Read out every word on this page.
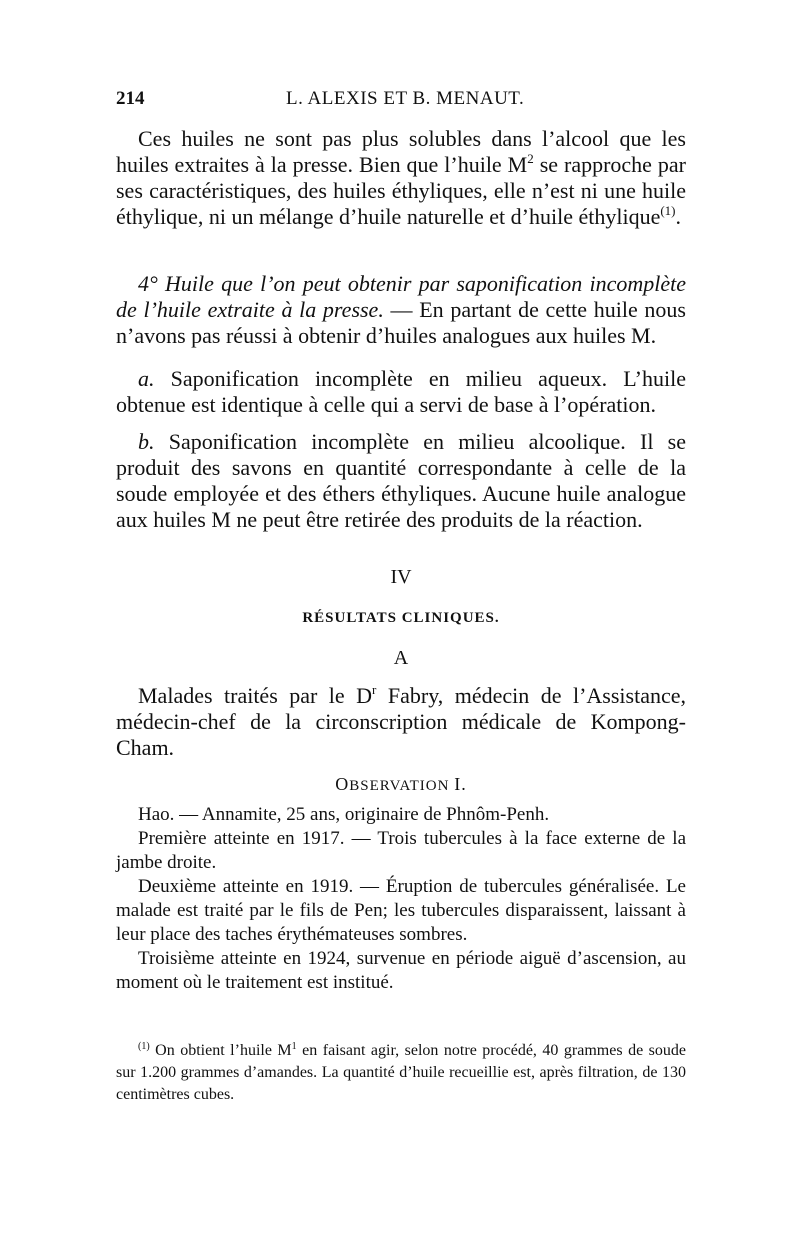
214	L. ALEXIS ET B. MENAUT.

Ces huiles ne sont pas plus solubles dans l’alcool que les huiles extraites à la presse. Bien que l’huile $M^2$ se rapproche par ses caractéristiques, des huiles éthyliques, elle n’est ni une huile éthylique, ni un mélange d’huile naturelle et d’huile éthylique$^{(1)}$.

4° Huile que l’on peut obtenir par saponification incomplète de l’huile extraite à la presse. — En partant de cette huile nous n’avons pas réussi à obtenir d’huiles analogues aux huiles M.

a. Saponification incomplète en milieu aqueux. L’huile obtenue est identique à celle qui a servi de base à l’opération.

b. Saponification incomplète en milieu alcoolique. Il se produit des savons en quantité correspondante à celle de la soude employée et des éthers éthyliques. Aucune huile analogue aux huiles M ne peut être retirée des produits de la réaction.

IV
RÉSULTATS CLINIQUES.
A

Malades traités par le $D^r$ Fabry, médecin de l’Assistance, médecin-chef de la circonscription médicale de Kompong-Cham.

OBSERVATION I.

Hao. — Annamite, 25 ans, originaire de Phnôm-Penh.

Première atteinte en 1917. — Trois tubercules à la face externe de la jambe droite.

Deuxième atteinte en 1919. — Éruption de tubercules généralisée. Le malade est traité par le fils de Pen; les tubercules disparaissent, laissant à leur place des taches érythémateuses sombres.

Troisième atteinte en 1924, survenue en période aiguë d’ascension, au moment où le traitement est institué.

$^{(1)}$ On obtient l’huile $M^1$ en faisant agir, selon notre procédé, 40 grammes de soude sur 1.200 grammes d’amandes. La quantité d’huile recueillie est, après filtration, de 130 centimètres cubes.
